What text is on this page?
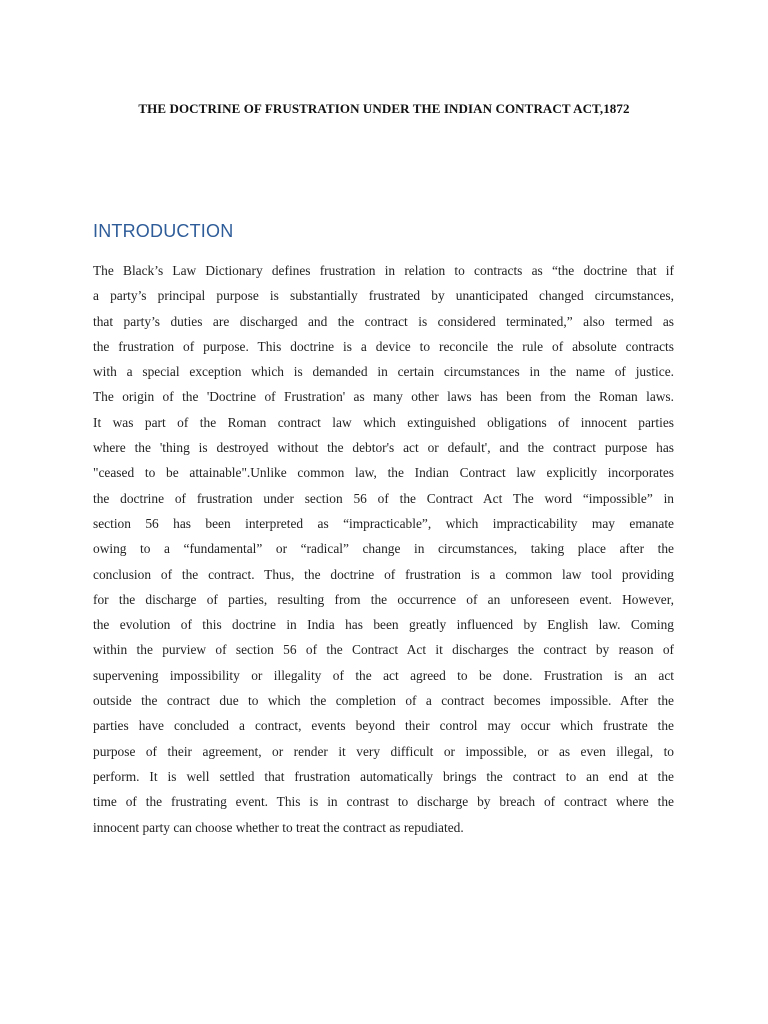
THE DOCTRINE OF FRUSTRATION UNDER THE INDIAN CONTRACT ACT,1872
INTRODUCTION
The Black’s Law Dictionary defines frustration in relation to contracts as “the doctrine that if
a party’s principal purpose is substantially frustrated by unanticipated changed circumstances,
that party’s duties are discharged and the contract is considered terminated,” also termed as
the frustration of purpose. This doctrine is a device to reconcile the rule of absolute contracts
with a special exception which is demanded in certain circumstances in the name of justice.
The origin of the 'Doctrine of Frustration' as many other laws has been from the Roman laws.
It was part of the Roman contract law which extinguished obligations of innocent parties
where the 'thing is destroyed without the debtor's act or default', and the contract purpose has
"ceased to be attainable".Unlike common law, the Indian Contract law explicitly incorporates
the doctrine of frustration under section 56 of the Contract Act The word “impossible” in
section 56 has been interpreted as “impracticable”, which impracticability may emanate
owing to a “fundamental” or “radical” change in circumstances, taking place after the
conclusion of the contract. Thus, the doctrine of frustration is a common law tool providing
for the discharge of parties, resulting from the occurrence of an unforeseen event. However,
the evolution of this doctrine in India has been greatly influenced by English law. Coming
within the purview of section 56 of the Contract Act it discharges the contract by reason of
supervening impossibility or illegality of the act agreed to be done. Frustration is an act
outside the contract due to which the completion of a contract becomes impossible. After the
parties have concluded a contract, events beyond their control may occur which frustrate the
purpose of their agreement, or render it very difficult or impossible, or as even illegal, to
perform. It is well settled that frustration automatically brings the contract to an end at the
time of the frustrating event. This is in contrast to discharge by breach of contract where the
innocent party can choose whether to treat the contract as repudiated.
